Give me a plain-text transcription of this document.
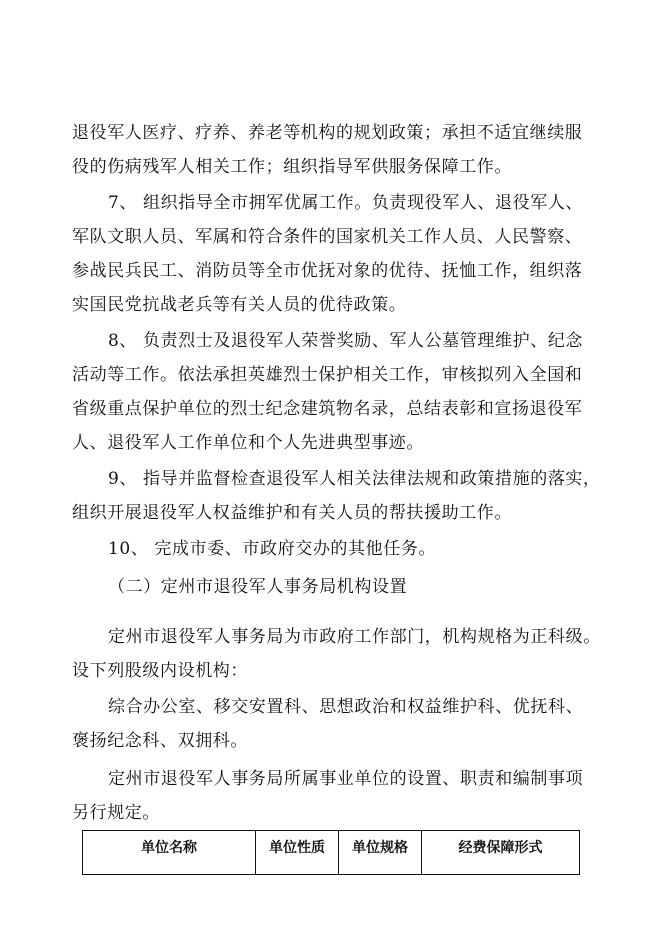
退役军人医疗、疗养、养老等机构的规划政策；承担不适宜继续服
役的伤病残军人相关工作；组织指导军供服务保障工作。

7、 组织指导全市拥军优属工作。负责现役军人、退役军人、
军队文职人员、军属和符合条件的国家机关工作人员、人民警察、
参战民兵民工、消防员等全市优抚对象的优待、抚恤工作，组织落
实国民党抗战老兵等有关人员的优待政策。

8、 负责烈士及退役军人荣誉奖励、军人公墓管理维护、纪念
活动等工作。依法承担英雄烈士保护相关工作，审核拟列入全国和
省级重点保护单位的烈士纪念建筑物名录，总结表彰和宣扬退役军
人、退役军人工作单位和个人先进典型事迹。

9、 指导并监督检查退役军人相关法律法规和政策措施的落实，
组织开展退役军人权益维护和有关人员的帮扶援助工作。

10、 完成市委、市政府交办的其他任务。

（二）定州市退役军人事务局机构设置

定州市退役军人事务局为市政府工作部门，机构规格为正科级。
设下列股级内设机构：

综合办公室、移交安置科、思想政治和权益维护科、优抚科、
褒扬纪念科、双拥科。

定州市退役军人事务局所属事业单位的设置、职责和编制事项
另行规定。

单位名称	单位性质	单位规格	经费保障形式
